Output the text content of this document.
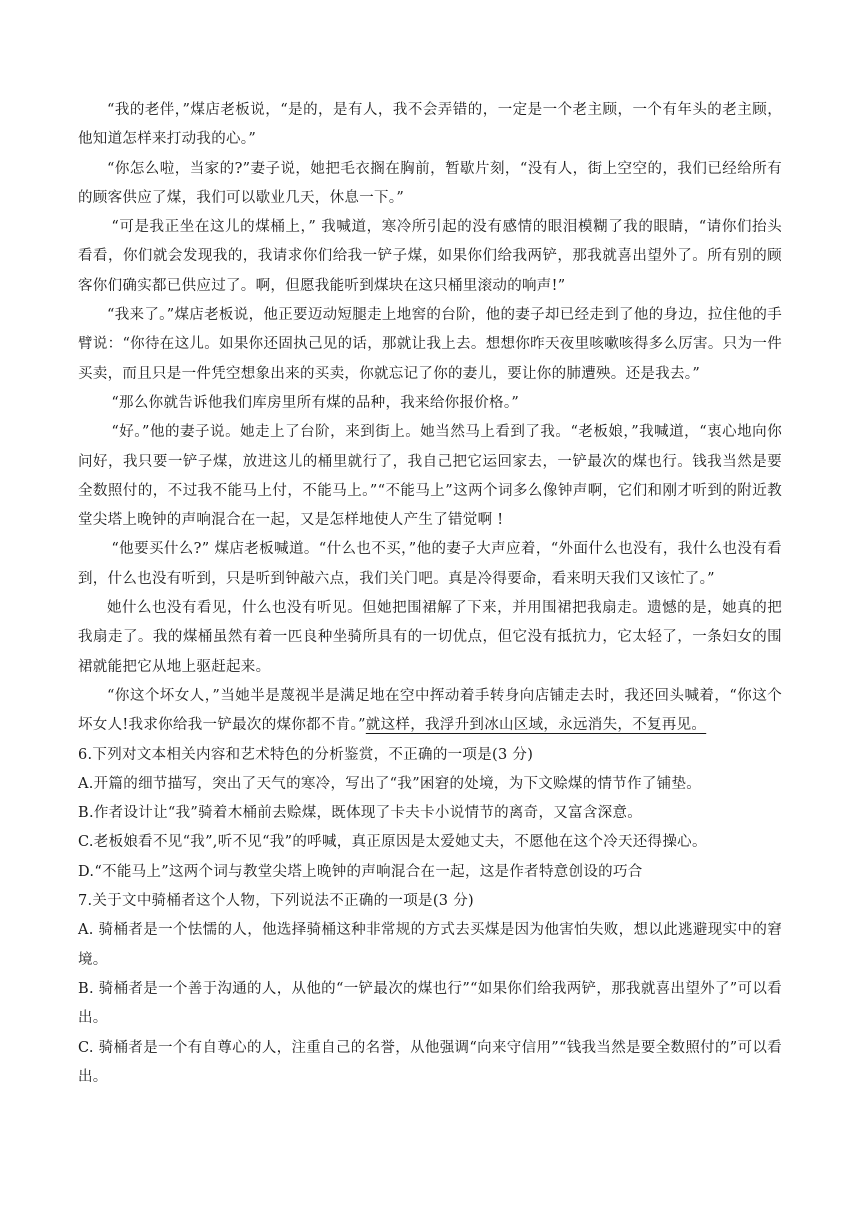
“我的老伴，”煤店老板说，“是的，是有人，我不会弄错的，一定是一个老主顾，一个有年头的老主顾，他知道怎样来打动我的心。”

“你怎么啦，当家的?”妻子说，她把毛衣搁在胸前，暂歇片刻，“没有人，街上空空的，我们已经给所有的顾客供应了煤，我们可以歇业几天，休息一下。”

“可是我正坐在这儿的煤桶上，” 我喊道，寒冷所引起的没有感情的眼泪模糊了我的眼睛，“请你们抬头看看，你们就会发现我的，我请求你们给我一铲子煤，如果你们给我两铲，那我就喜出望外了。所有别的顾客你们确实都已供应过了。啊，但愿我能听到煤块在这只桶里滚动的响声!”

“我来了。”煤店老板说，他正要迈动短腿走上地窖的台阶，他的妻子却已经走到了他的身边，拉住他的手臂说：“你待在这儿。如果你还固执己见的话，那就让我上去。想想你昨天夜里咳嗽咳得多么厉害。只为一件买卖，而且只是一件凭空想象出来的买卖，你就忘记了你的妻儿，要让你的肺遭殃。还是我去。”

“那么你就告诉他我们库房里所有煤的品种，我来给你报价格。”

“好。”他的妻子说。她走上了台阶，来到街上。她当然马上看到了我。“老板娘，”我喊道，“衷心地向你问好，我只要一铲子煤，放进这儿的桶里就行了，我自己把它运回家去，一铲最次的煤也行。钱我当然是要全数照付的，不过我不能马上付，不能马上。”“不能马上”这两个词多么像钟声啊，它们和刚才听到的附近教堂尖塔上晚钟的声响混合在一起，又是怎样地使人产生了错觉啊 !

“他要买什么?” 煤店老板喊道。“什么也不买，”他的妻子大声应着，“外面什么也没有，我什么也没有看到，什么也没有听到，只是听到钟敲六点，我们关门吧。真是冷得要命，看来明天我们又该忙了。”

她什么也没有看见，什么也没有听见。但她把围裙解了下来，并用围裙把我扇走。遗憾的是，她真的把我扇走了。我的煤桶虽然有着一匹良种坐骑所具有的一切优点，但它没有抵抗力，它太轻了，一条妇女的围裙就能把它从地上驱赶起来。

“你这个坏女人，”当她半是蔑视半是满足地在空中挥动着手转身向店铺走去时，我还回头喊着，“你这个坏女人!我求你给我一铲最次的煤你都不肯。”就这样，我浮升到冰山区域，永远消失，不复再见。

6.下列对文本相关内容和艺术特色的分析鉴赏，不正确的一项是(3 分)

A.开篇的细节描写，突出了天气的寒冷，写出了“我”困窘的处境，为下文赊煤的情节作了铺垫。

B.作者设计让“我”骑着木桶前去赊煤，既体现了卡夫卡小说情节的离奇，又富含深意。

C.老板娘看不见“我”,听不见“我”的呼喊，真正原因是太爱她丈夫，不愿他在这个冷天还得操心。

D.“不能马上”这两个词与教堂尖塔上晚钟的声响混合在一起，这是作者特意创设的巧合

7.关于文中骑桶者这个人物，下列说法不正确的一项是(3 分)

A. 骑桶者是一个怯懦的人，他选择骑桶这种非常规的方式去买煤是因为他害怕失败，想以此逃避现实中的窘境。

B. 骑桶者是一个善于沟通的人，从他的“一铲最次的煤也行”“如果你们给我两铲，那我就喜出望外了”可以看出。

C. 骑桶者是一个有自尊心的人，注重自己的名誉，从他强调“向来守信用”“钱我当然是要全数照付的”可以看出。
